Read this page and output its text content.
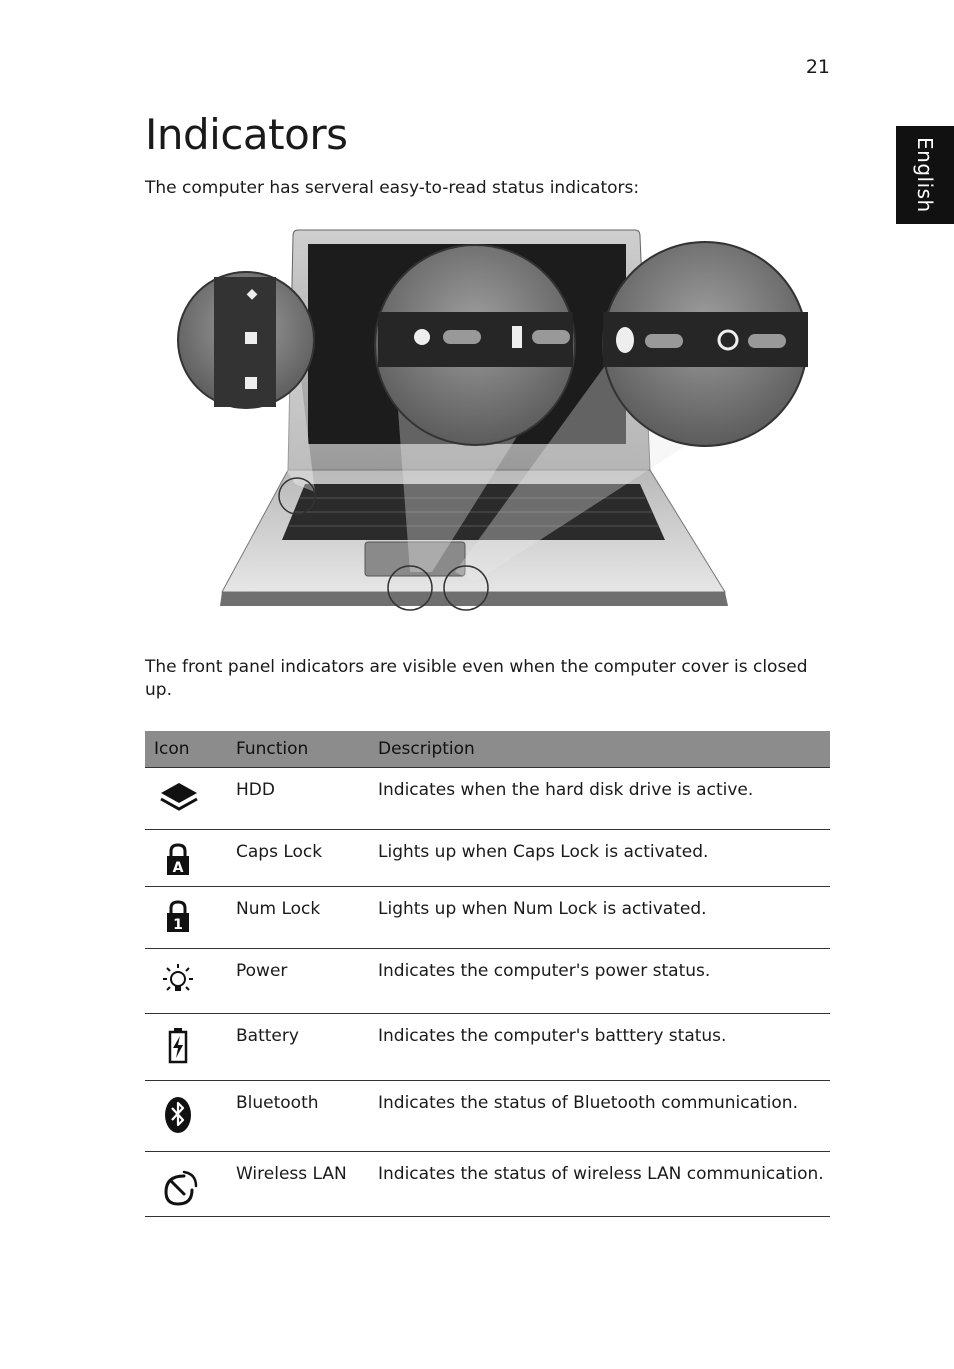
21
English
Indicators

The computer has serveral easy-to-read status indicators:

◆

The front panel indicators are visible even when the computer cover is closed up.

Icon	Function	Description

	HDD	Indicates when the hard disk drive is active.

A	Caps Lock	Lights up when Caps Lock is activated.

1	Num Lock	Lights up when Num Lock is activated.

	Power	Indicates the computer's power status.

	Battery	Indicates the computer's batttery status.

	Bluetooth	Indicates the status of Bluetooth communication.

	Wireless LAN	Indicates the status of wireless LAN communication.
